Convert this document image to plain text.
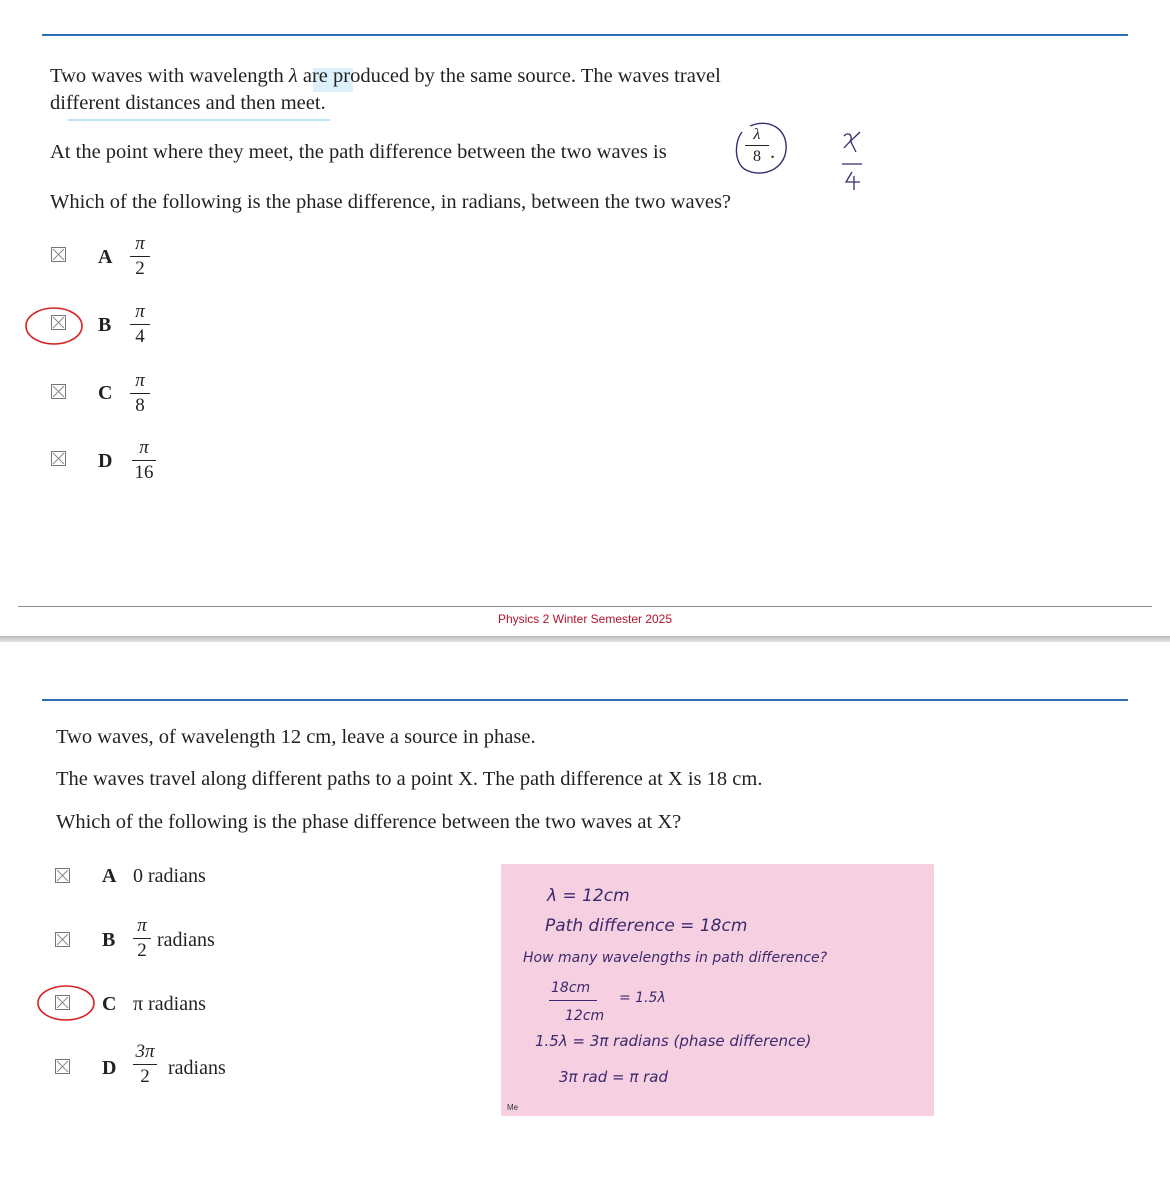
Two waves with wavelength λ are produced by the same source. The waves travel
different distances and then meet.
At the point where they meet, the path difference between the two waves is
λ
8 .
Which of the following is the phase difference, in radians, between the two waves?
A
π
2
B
π
4
C
π
8
D
π
16
Physics 2 Winter Semester 2025
Two waves, of wavelength 12 cm, leave a source in phase.
The waves travel along different paths to a point X. The path difference at X is 18 cm.
Which of the following is the phase difference between the two waves at X?
A 0 radians
B
π
2 radians
C π radians
D
3π
2 radians
λ = 12cm
Path difference = 18cm
How many wavelengths in path difference?
18cm
= 1.5λ
12cm
1.5λ = 3π radians (phase difference)
3π rad = π rad
Me
